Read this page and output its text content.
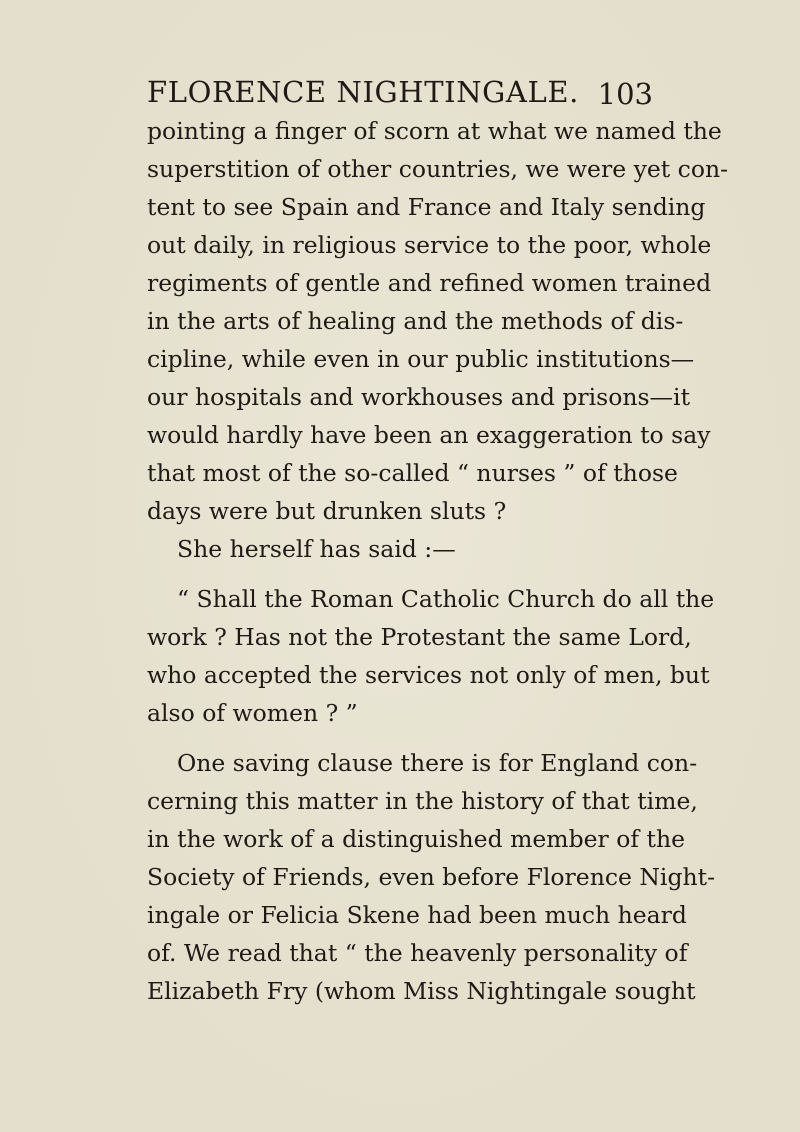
FLORENCE NIGHTINGALE. 103
pointing a finger of scorn at what we named the
superstition of other countries, we were yet con-
tent to see Spain and France and Italy sending
out daily, in religious service to the poor, whole
regiments of gentle and refined women trained
in the arts of healing and the methods of dis-
cipline, while even in our public institutions—
our hospitals and workhouses and prisons—it
would hardly have been an exaggeration to say
that most of the so-called “ nurses ” of those
days were but drunken sluts ?
She herself has said :—
“ Shall the Roman Catholic Church do all the
work ? Has not the Protestant the same Lord,
who accepted the services not only of men, but
also of women ? ”
One saving clause there is for England con-
cerning this matter in the history of that time,
in the work of a distinguished member of the
Society of Friends, even before Florence Night-
ingale or Felicia Skene had been much heard
of. We read that “ the heavenly personality of
Elizabeth Fry (whom Miss Nightingale sought
